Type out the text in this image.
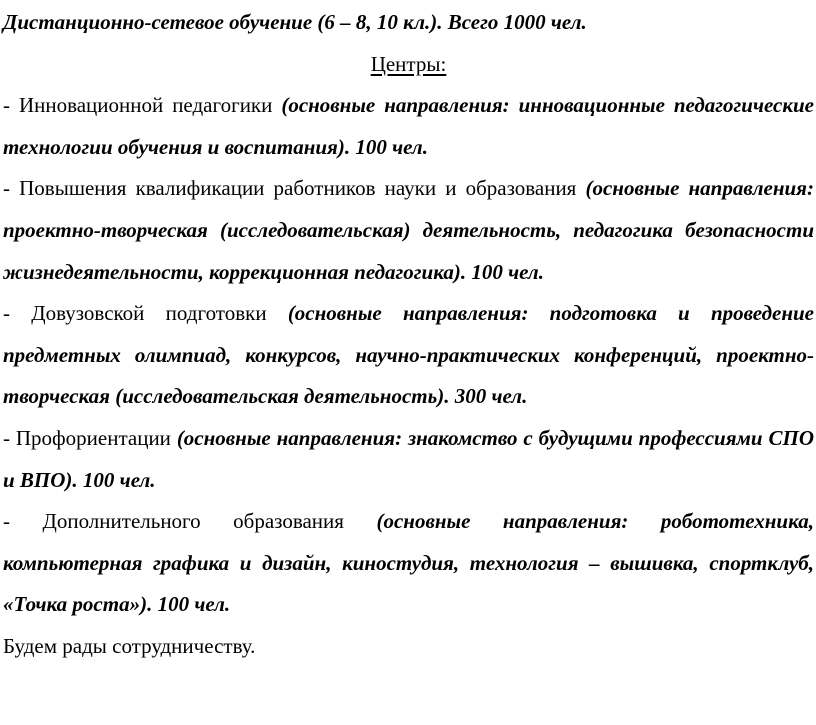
Дистанционно-сетевое обучение (6 – 8, 10 кл.). Всего 1000 чел.
Центры:
- Инновационной педагогики (основные направления: инновационные педагогические технологии обучения и воспитания). 100 чел.
- Повышения квалификации работников науки и образования (основные направления: проектно-творческая (исследовательская) деятельность, педагогика безопасности жизнедеятельности, коррекционная педагогика). 100 чел.
- Довузовской подготовки (основные направления: подготовка и проведение предметных олимпиад, конкурсов, научно-практических конференций, проектно-творческая (исследовательская деятельность). 300 чел.
- Профориентации (основные направления: знакомство с будущими профессиями СПО и ВПО). 100 чел.
- Дополнительного образования (основные направления: робототехника, компьютерная графика и дизайн, киностудия, технология – вышивка, спортклуб, «Точка роста»). 100 чел.
Будем рады сотрудничеству.
